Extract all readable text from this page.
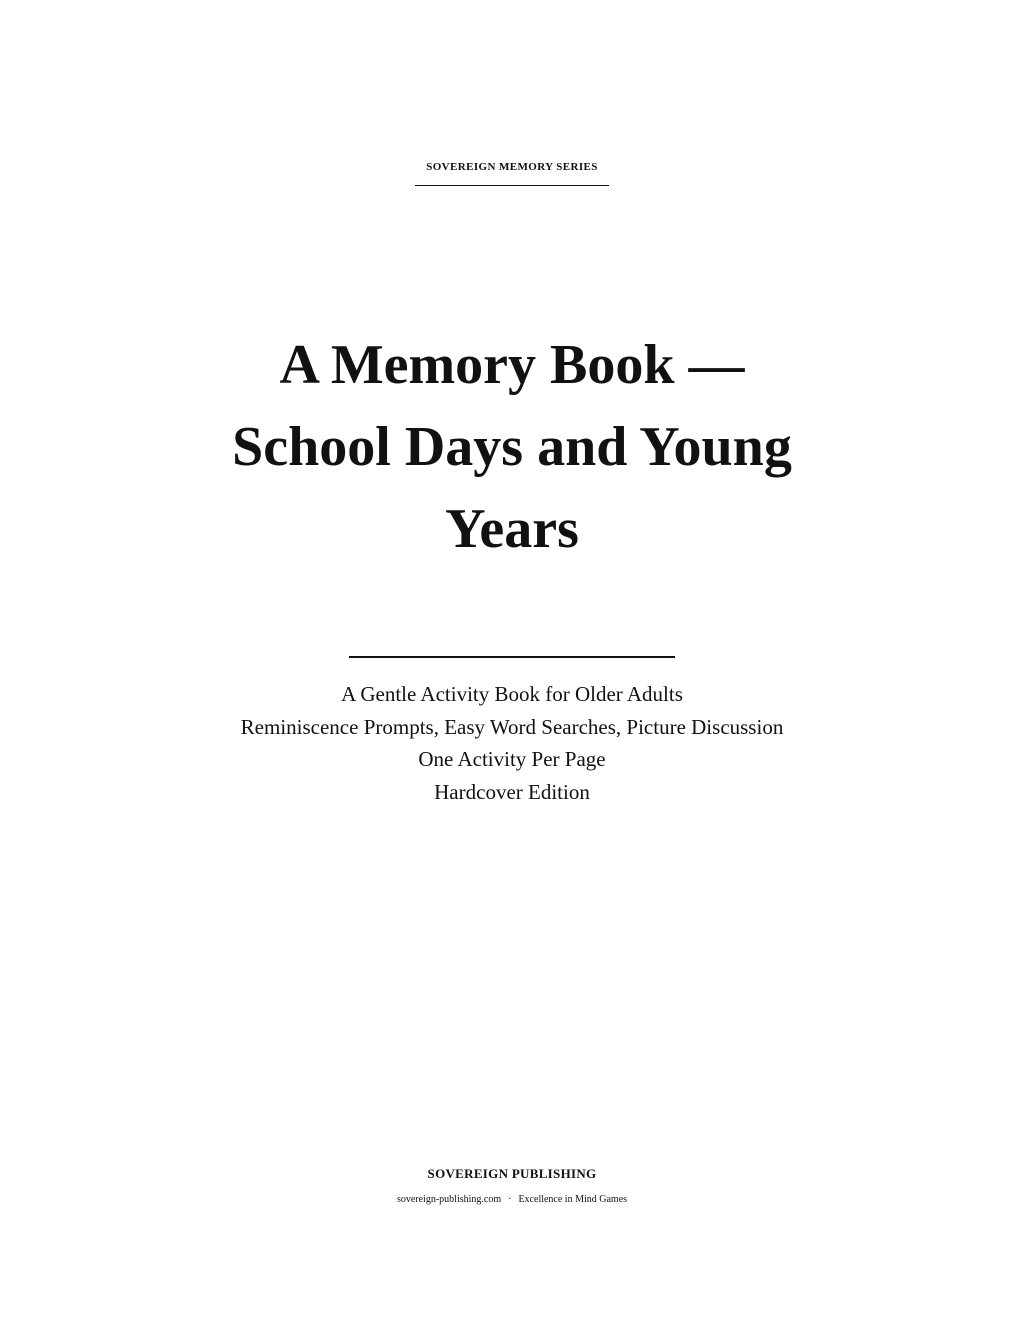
SOVEREIGN MEMORY SERIES
A Memory Book —
School Days and Young
Years
A Gentle Activity Book for Older Adults
Reminiscence Prompts, Easy Word Searches, Picture Discussion
One Activity Per Page
Hardcover Edition
SOVEREIGN PUBLISHING
sovereign-publishing.com · Excellence in Mind Games
